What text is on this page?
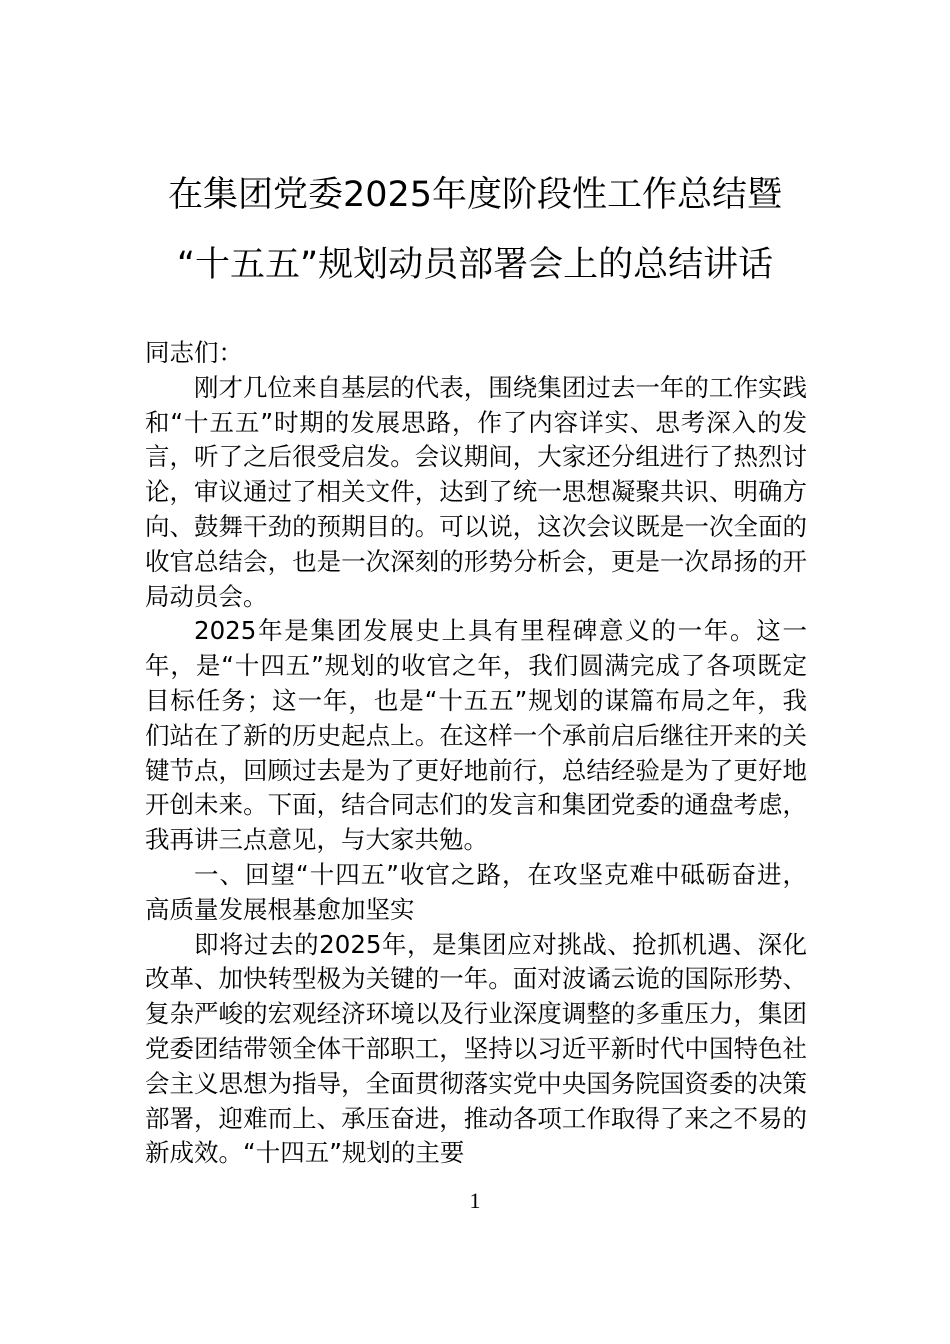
在集团党委2025年度阶段性工作总结暨
“十五五”规划动员部署会上的总结讲话

同志们：

刚才几位来自基层的代表，围绕集团过去一年的工作实践和“十五五”时期的发展思路，作了内容详实、思考深入的发言，听了之后很受启发。会议期间，大家还分组进行了热烈讨论，审议通过了相关文件，达到了统一思想凝聚共识、明确方向、鼓舞干劲的预期目的。可以说，这次会议既是一次全面的收官总结会，也是一次深刻的形势分析会，更是一次昂扬的开局动员会。

2025年是集团发展史上具有里程碑意义的一年。这一年，是“十四五”规划的收官之年，我们圆满完成了各项既定目标任务；这一年，也是“十五五”规划的谋篇布局之年，我们站在了新的历史起点上。在这样一个承前启后继往开来的关键节点，回顾过去是为了更好地前行，总结经验是为了更好地开创未来。下面，结合同志们的发言和集团党委的通盘考虑，我再讲三点意见，与大家共勉。

一、回望“十四五”收官之路，在攻坚克难中砥砺奋进，高质量发展根基愈加坚实

即将过去的2025年，是集团应对挑战、抢抓机遇、深化改革、加快转型极为关键的一年。面对波谲云诡的国际形势、复杂严峻的宏观经济环境以及行业深度调整的多重压力，集团党委团结带领全体干部职工，坚持以习近平新时代中国特色社会主义思想为指导，全面贯彻落实党中央国务院国资委的决策部署，迎难而上、承压奋进，推动各项工作取得了来之不易的新成效。“十四五”规划的主要

1
